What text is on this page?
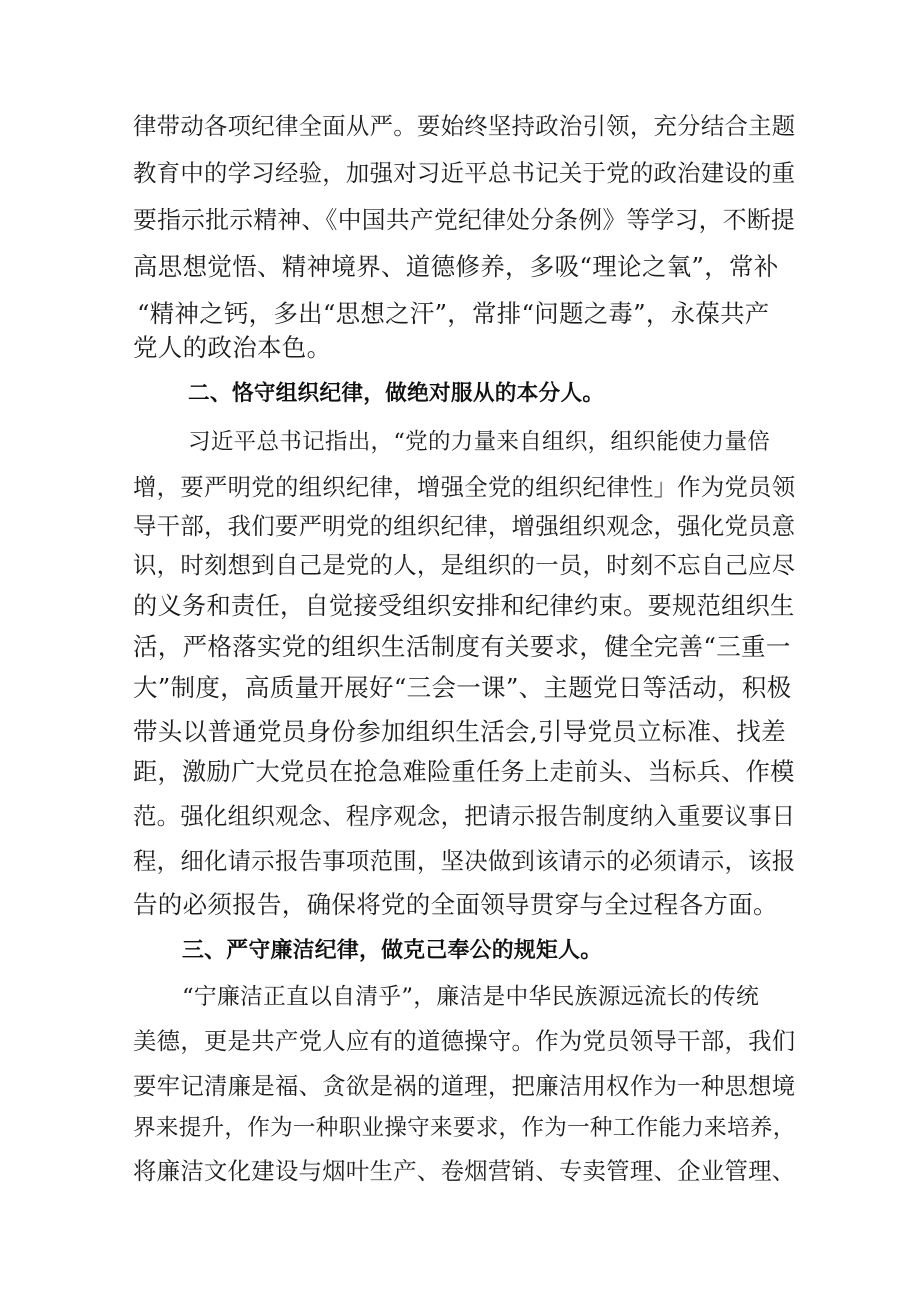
律带动各项纪律全面从严。要始终坚持政治引领，充分结合主题
教育中的学习经验，加强对习近平总书记关于党的政治建设的重
要指示批示精神、《中国共产党纪律处分条例》等学习，不断提
高思想觉悟、精神境界、道德修养，多吸“理论之氧”，常补
“精神之钙，多出“思想之汗”，常排“问题之毒”，永葆共产
党人的政治本色。
二、恪守组织纪律，做绝对服从的本分人。
习近平总书记指出，“党的力量来自组织，组织能使力量倍
增，要严明党的组织纪律，增强全党的组织纪律性」作为党员领
导干部，我们要严明党的组织纪律，增强组织观念，强化党员意
识，时刻想到自己是党的人，是组织的一员，时刻不忘自己应尽
的义务和责任，自觉接受组织安排和纪律约束。要规范组织生
活，严格落实党的组织生活制度有关要求，健全完善“三重一
大”制度，高质量开展好“三会一课”、主题党日等活动，积极
带头以普通党员身份参加组织生活会,引导党员立标准、找差
距，激励广大党员在抢急难险重任务上走前头、当标兵、作模
范。强化组织观念、程序观念，把请示报告制度纳入重要议事日
程，细化请示报告事项范围，坚决做到该请示的必须请示，该报
告的必须报告，确保将党的全面领导贯穿与全过程各方面。
三、严守廉洁纪律，做克己奉公的规矩人。
“宁廉洁正直以自清乎”，廉洁是中华民族源远流长的传统
美德，更是共产党人应有的道德操守。作为党员领导干部，我们
要牢记清廉是福、贪欲是祸的道理，把廉洁用权作为一种思想境
界来提升，作为一种职业操守来要求，作为一种工作能力来培养，
将廉洁文化建设与烟叶生产、卷烟营销、专卖管理、企业管理、
